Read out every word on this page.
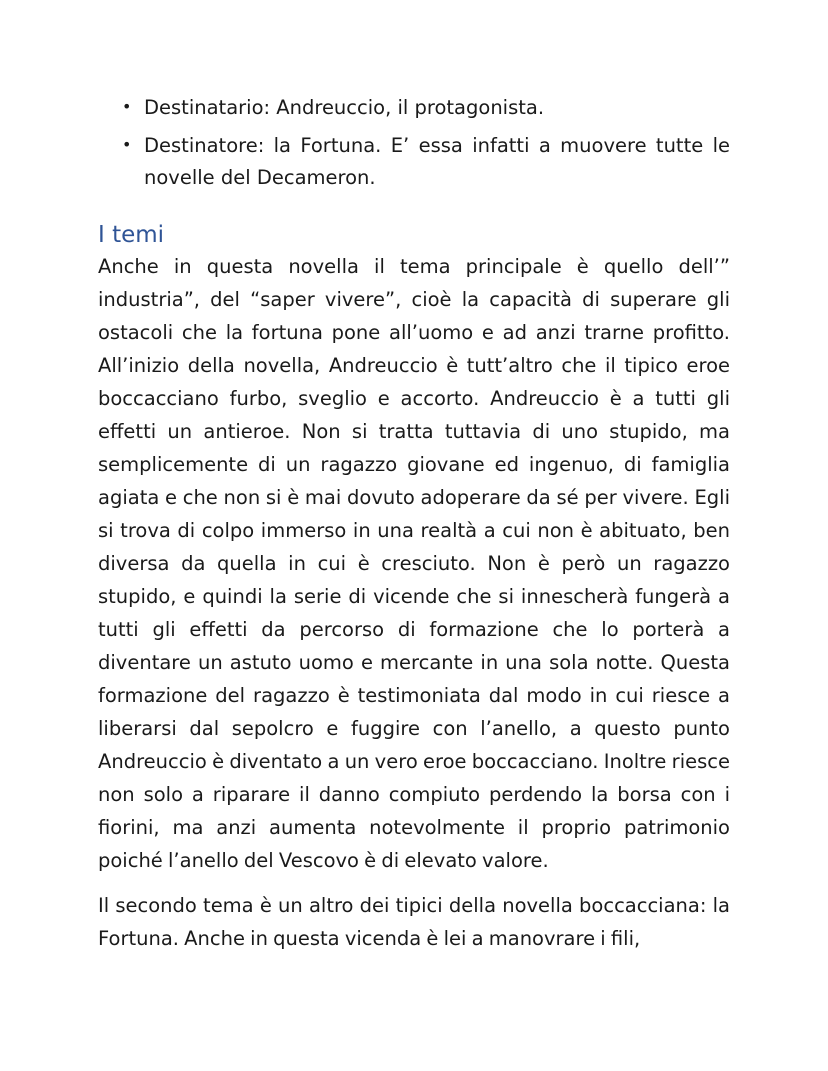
• Destinatario: Andreuccio, il protagonista.
• Destinatore: la Fortuna. E’ essa infatti a muovere tutte le novelle del Decameron.
I temi

Anche in questa novella il tema principale è quello dell’” industria”, del “saper vivere”, cioè la capacità di superare gli ostacoli che la fortuna pone all’uomo e ad anzi trarne profitto. All’inizio della novella, Andreuccio è tutt’altro che il tipico eroe boccacciano furbo, sveglio e accorto. Andreuccio è a tutti gli effetti un antieroe. Non si tratta tuttavia di uno stupido, ma semplicemente di un ragazzo giovane ed ingenuo, di famiglia agiata e che non si è mai dovuto adoperare da sé per vivere. Egli si trova di colpo immerso in una realtà a cui non è abituato, ben diversa da quella in cui è cresciuto. Non è però un ragazzo stupido, e quindi la serie di vicende che si innescherà fungerà a tutti gli effetti da percorso di formazione che lo porterà a diventare un astuto uomo e mercante in una sola notte. Questa formazione del ragazzo è testimoniata dal modo in cui riesce a liberarsi dal sepolcro e fuggire con l’anello, a questo punto Andreuccio è diventato a un vero eroe boccacciano. Inoltre riesce non solo a riparare il danno compiuto perdendo la borsa con i fiorini, ma anzi aumenta notevolmente il proprio patrimonio poiché l’anello del Vescovo è di elevato valore.

Il secondo tema è un altro dei tipici della novella boccacciana: la Fortuna. Anche in questa vicenda è lei a manovrare i fili,
